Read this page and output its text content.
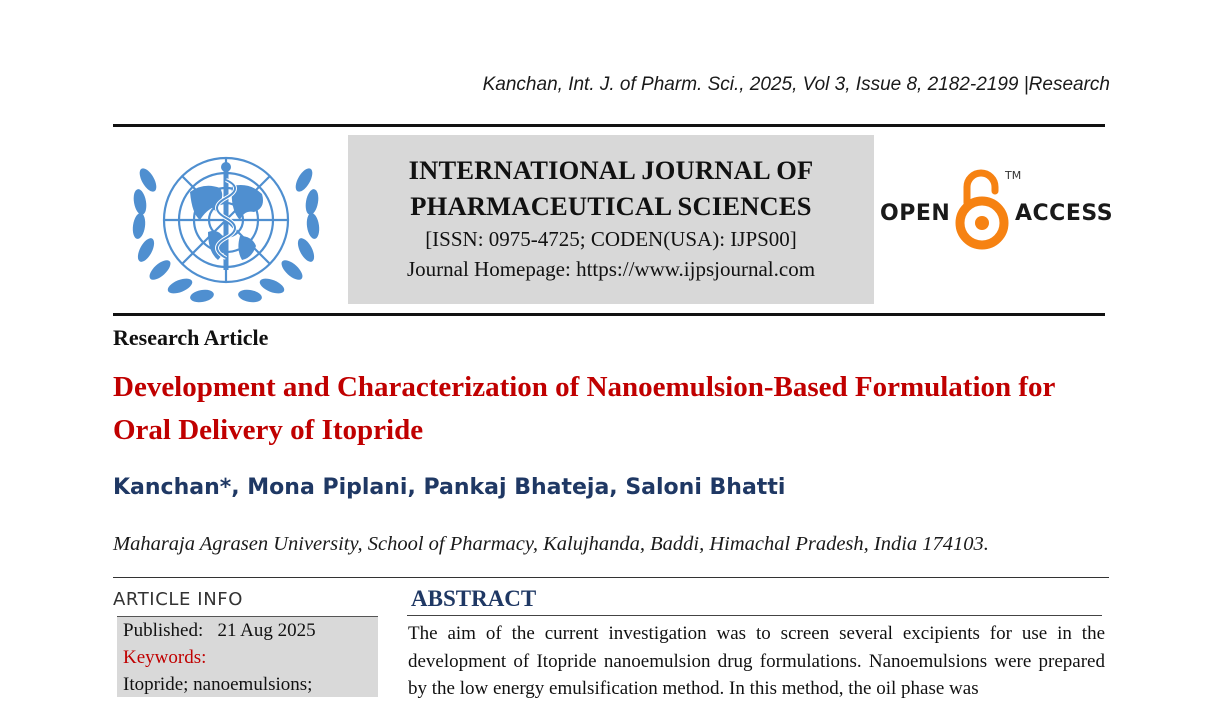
Kanchan, Int. J. of Pharm. Sci., 2025, Vol 3, Issue 8, 2182-2199 |Research
INTERNATIONAL JOURNAL OF
PHARMACEUTICAL SCIENCES
[ISSN: 0975-4725; CODEN(USA): IJPS00]
Journal Homepage: https://www.ijpsjournal.com
OPEN
TM
ACCESS
Research Article
Development and Characterization of Nanoemulsion-Based Formulation for Oral Delivery of Itopride
Kanchan*, Mona Piplani, Pankaj Bhateja, Saloni Bhatti
Maharaja Agrasen University, School of Pharmacy, Kalujhanda, Baddi, Himachal Pradesh, India 174103.
ARTICLE INFO
Published: 21 Aug 2025
Keywords:
Itopride; nanoemulsions;
ABSTRACT
The aim of the current investigation was to screen several excipients for use in the development of Itopride nanoemulsion drug formulations. Nanoemulsions were prepared by the low energy emulsification method. In this method, the oil phase was
